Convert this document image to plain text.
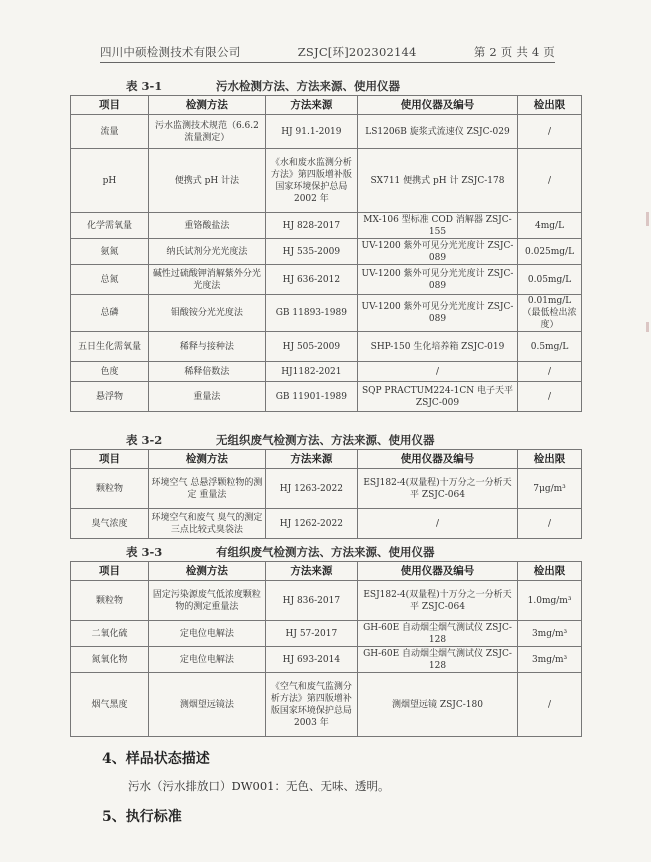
四川中硕检测技术有限公司	ZSJC[环]202302144	第 2 页 共 4 页
表 3-1	污水检测方法、方法来源、使用仪器
项目	检测方法	方法来源	使用仪器及编号	检出限
流量	污水监测技术规范（6.6.2 流量测定）	HJ 91.1-2019	LS1206B 旋浆式流速仪 ZSJC-029	/
pH	便携式 pH 计法	《水和废水监测分析方法》第四版增补版国家环境保护总局 2002 年	SX711 便携式 pH 计 ZSJC-178	/
化学需氧量	重铬酸盐法	HJ 828-2017	MX-106 型标准 COD 消解器 ZSJC-155	4mg/L
氨氮	纳氏试剂分光光度法	HJ 535-2009	UV-1200 紫外可见分光光度计 ZSJC-089	0.025mg/L
总氮	碱性过硫酸钾消解紫外分光光度法	HJ 636-2012	UV-1200 紫外可见分光光度计 ZSJC-089	0.05mg/L
总磷	钼酸铵分光光度法	GB 11893-1989	UV-1200 紫外可见分光光度计 ZSJC-089	0.01mg/L（最低检出浓度）
五日生化需氧量	稀释与接种法	HJ 505-2009	SHP-150 生化培养箱 ZSJC-019	0.5mg/L
色度	稀释倍数法	HJ1182-2021	/	/
悬浮物	重量法	GB 11901-1989	SQP PRACTUM224-1CN 电子天平 ZSJC-009	/
表 3-2	无组织废气检测方法、方法来源、使用仪器
项目	检测方法	方法来源	使用仪器及编号	检出限
颗粒物	环境空气 总悬浮颗粒物的测定 重量法	HJ 1263-2022	ESJ182-4(双量程)十万分之一分析天平 ZSJC-064	7μg/m³
臭气浓度	环境空气和废气 臭气的测定 三点比较式臭袋法	HJ 1262-2022	/	/
表 3-3	有组织废气检测方法、方法来源、使用仪器
项目	检测方法	方法来源	使用仪器及编号	检出限
颗粒物	固定污染源废气低浓度颗粒物的测定重量法	HJ 836-2017	ESJ182-4(双量程)十万分之一分析天平 ZSJC-064	1.0mg/m³
二氧化硫	定电位电解法	HJ 57-2017	GH-60E 自动烟尘烟气测试仪 ZSJC-128	3mg/m³
氮氧化物	定电位电解法	HJ 693-2014	GH-60E 自动烟尘烟气测试仪 ZSJC-128	3mg/m³
烟气黑度	测烟望远镜法	《空气和废气监测分析方法》第四版增补版国家环境保护总局 2003 年	测烟望远镜 ZSJC-180	/
4、样品状态描述
污水（污水排放口）DW001：无色、无味、透明。
5、执行标准
